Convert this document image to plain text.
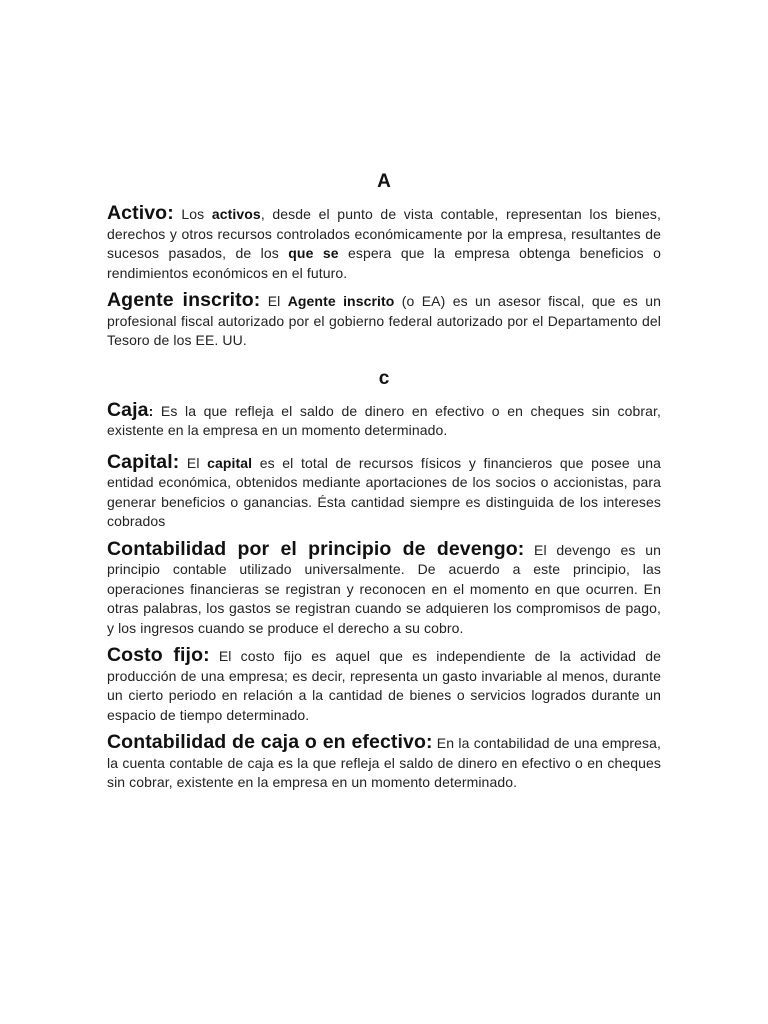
A

Activo: Los activos, desde el punto de vista contable, representan los bienes, derechos y otros recursos controlados económicamente por la empresa, resultantes de sucesos pasados, de los que se espera que la empresa obtenga beneficios o rendimientos económicos en el futuro.

Agente inscrito: El Agente inscrito (o EA) es un asesor fiscal, que es un profesional fiscal autorizado por el gobierno federal autorizado por el Departamento del Tesoro de los EE. UU.

c

Caja: Es la que refleja el saldo de dinero en efectivo o en cheques sin cobrar, existente en la empresa en un momento determinado.

Capital: El capital es el total de recursos físicos y financieros que posee una entidad económica, obtenidos mediante aportaciones de los socios o accionistas, para generar beneficios o ganancias. Ésta cantidad siempre es distinguida de los intereses cobrados

Contabilidad por el principio de devengo: El devengo es un principio contable utilizado universalmente. De acuerdo a este principio, las operaciones financieras se registran y reconocen en el momento en que ocurren. En otras palabras, los gastos se registran cuando se adquieren los compromisos de pago, y los ingresos cuando se produce el derecho a su cobro.

Costo fijo: El costo fijo es aquel que es independiente de la actividad de producción de una empresa; es decir, representa un gasto invariable al menos, durante un cierto periodo en relación a la cantidad de bienes o servicios logrados durante un espacio de tiempo determinado.

Contabilidad de caja o en efectivo: En la contabilidad de una empresa, la cuenta contable de caja es la que refleja el saldo de dinero en efectivo o en cheques sin cobrar, existente en la empresa en un momento determinado.
